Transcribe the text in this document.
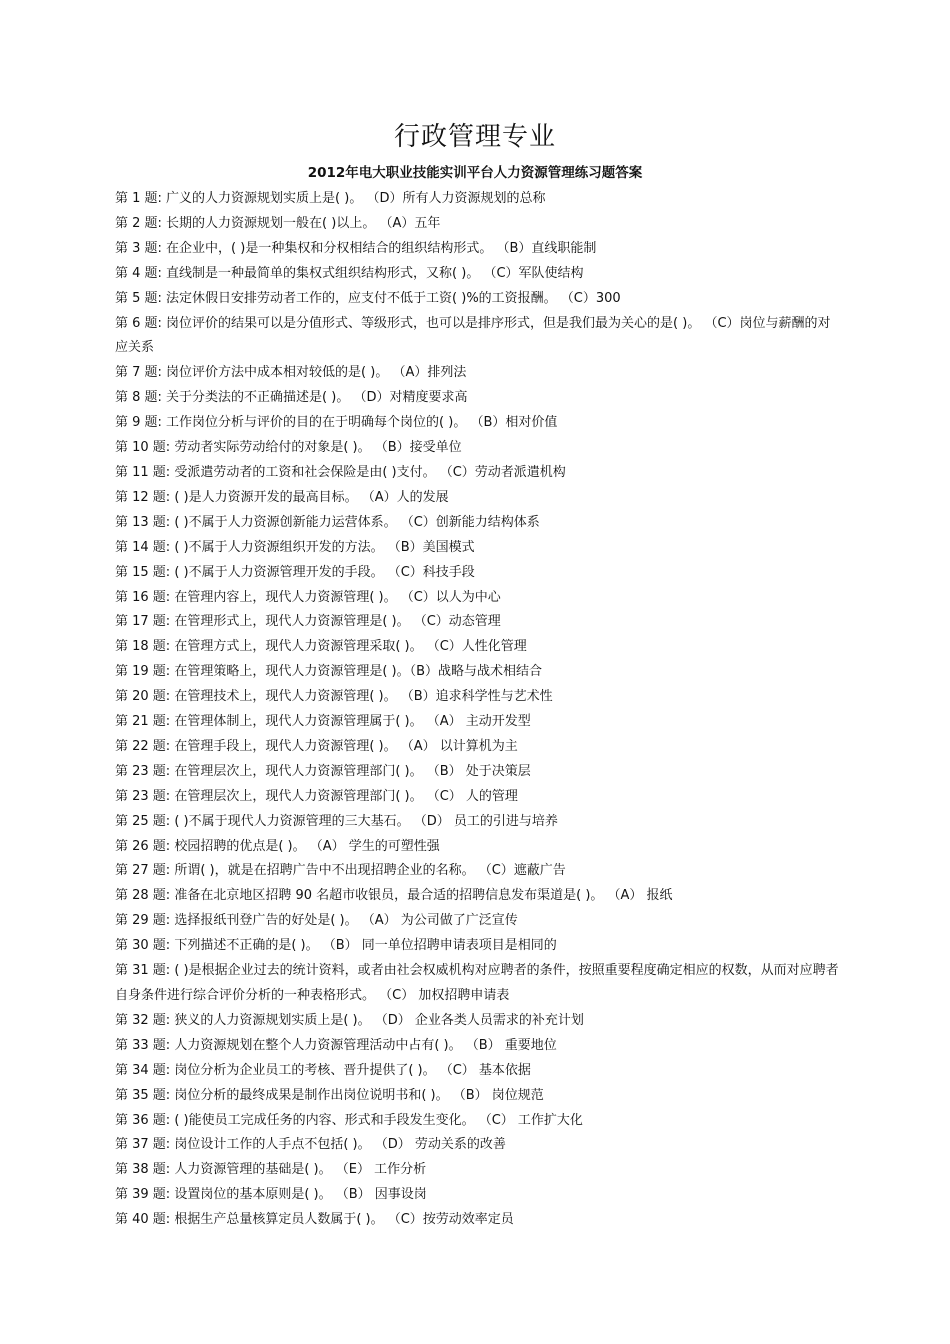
行政管理专业
2012年电大职业技能实训平台人力资源管理练习题答案
第 1 题: 广义的人力资源规划实质上是( )。 （D）所有人力资源规划的总称
第 2 题: 长期的人力资源规划一般在( )以上。 （A）五年
第 3 题: 在企业中，( )是一种集权和分权相结合的组织结构形式。 （B）直线职能制
第 4 题: 直线制是一种最简单的集权式组织结构形式，又称( )。 （C）军队使结构
第 5 题: 法定休假日安排劳动者工作的，应支付不低于工资( )%的工资报酬。 （C）300
第 6 题: 岗位评价的结果可以是分值形式、等级形式，也可以是排序形式，但是我们最为关心的是( )。 （C）岗位与薪酬的对应关系
第 7 题: 岗位评价方法中成本相对较低的是( )。 （A）排列法
第 8 题: 关于分类法的不正确描述是( )。 （D）对精度要求高
第 9 题: 工作岗位分析与评价的目的在于明确每个岗位的( )。 （B）相对价值
第 10 题: 劳动者实际劳动给付的对象是( )。 （B）接受单位
第 11 题: 受派遣劳动者的工资和社会保险是由( )支付。 （C）劳动者派遣机构
第 12 题: ( )是人力资源开发的最高目标。 （A）人的发展
第 13 题: ( )不属于人力资源创新能力运营体系。 （C）创新能力结构体系
第 14 题: ( )不属于人力资源组织开发的方法。 （B）美国模式
第 15 题: ( )不属于人力资源管理开发的手段。 （C）科技手段
第 16 题: 在管理内容上，现代人力资源管理( )。 （C）以人为中心
第 17 题: 在管理形式上，现代人力资源管理是( )。 （C）动态管理
第 18 题: 在管理方式上，现代人力资源管理采取( )。 （C）人性化管理
第 19 题: 在管理策略上，现代人力资源管理是( )。（B）战略与战术相结合
第 20 题: 在管理技术上，现代人力资源管理( )。 （B）追求科学性与艺术性
第 21 题: 在管理体制上，现代人力资源管理属于( )。 （A） 主动开发型
第 22 题: 在管理手段上，现代人力资源管理( )。 （A） 以计算机为主
第 23 题: 在管理层次上，现代人力资源管理部门( )。 （B） 处于决策层
第 23 题: 在管理层次上，现代人力资源管理部门( )。 （C） 人的管理
第 25 题: ( )不属于现代人力资源管理的三大基石。 （D） 员工的引进与培养
第 26 题: 校园招聘的优点是( )。 （A） 学生的可塑性强
第 27 题: 所谓( )，就是在招聘广告中不出现招聘企业的名称。 （C）遮蔽广告
第 28 题: 准备在北京地区招聘 90 名超市收银员，最合适的招聘信息发布渠道是( )。 （A） 报纸
第 29 题: 选择报纸刊登广告的好处是( )。 （A） 为公司做了广泛宣传
第 30 题: 下列描述不正确的是( )。 （B） 同一单位招聘申请表项目是相同的
第 31 题: ( )是根据企业过去的统计资料，或者由社会权威机构对应聘者的条件，按照重要程度确定相应的权数，从而对应聘者自身条件进行综合评价分析的一种表格形式。 （C） 加权招聘申请表
第 32 题: 狭义的人力资源规划实质上是( )。 （D） 企业各类人员需求的补充计划
第 33 题: 人力资源规划在整个人力资源管理活动中占有( )。 （B） 重要地位
第 34 题: 岗位分析为企业员工的考核、晋升提供了( )。 （C） 基本依据
第 35 题: 岗位分析的最终成果是制作出岗位说明书和( )。 （B） 岗位规范
第 36 题: ( )能使员工完成任务的内容、形式和手段发生变化。 （C） 工作扩大化
第 37 题: 岗位设计工作的人手点不包括( )。 （D） 劳动关系的改善
第 38 题: 人力资源管理的基础是( )。 （E） 工作分析
第 39 题: 设置岗位的基本原则是( )。 （B） 因事设岗
第 40 题: 根据生产总量核算定员人数属于( )。 （C）按劳动效率定员
